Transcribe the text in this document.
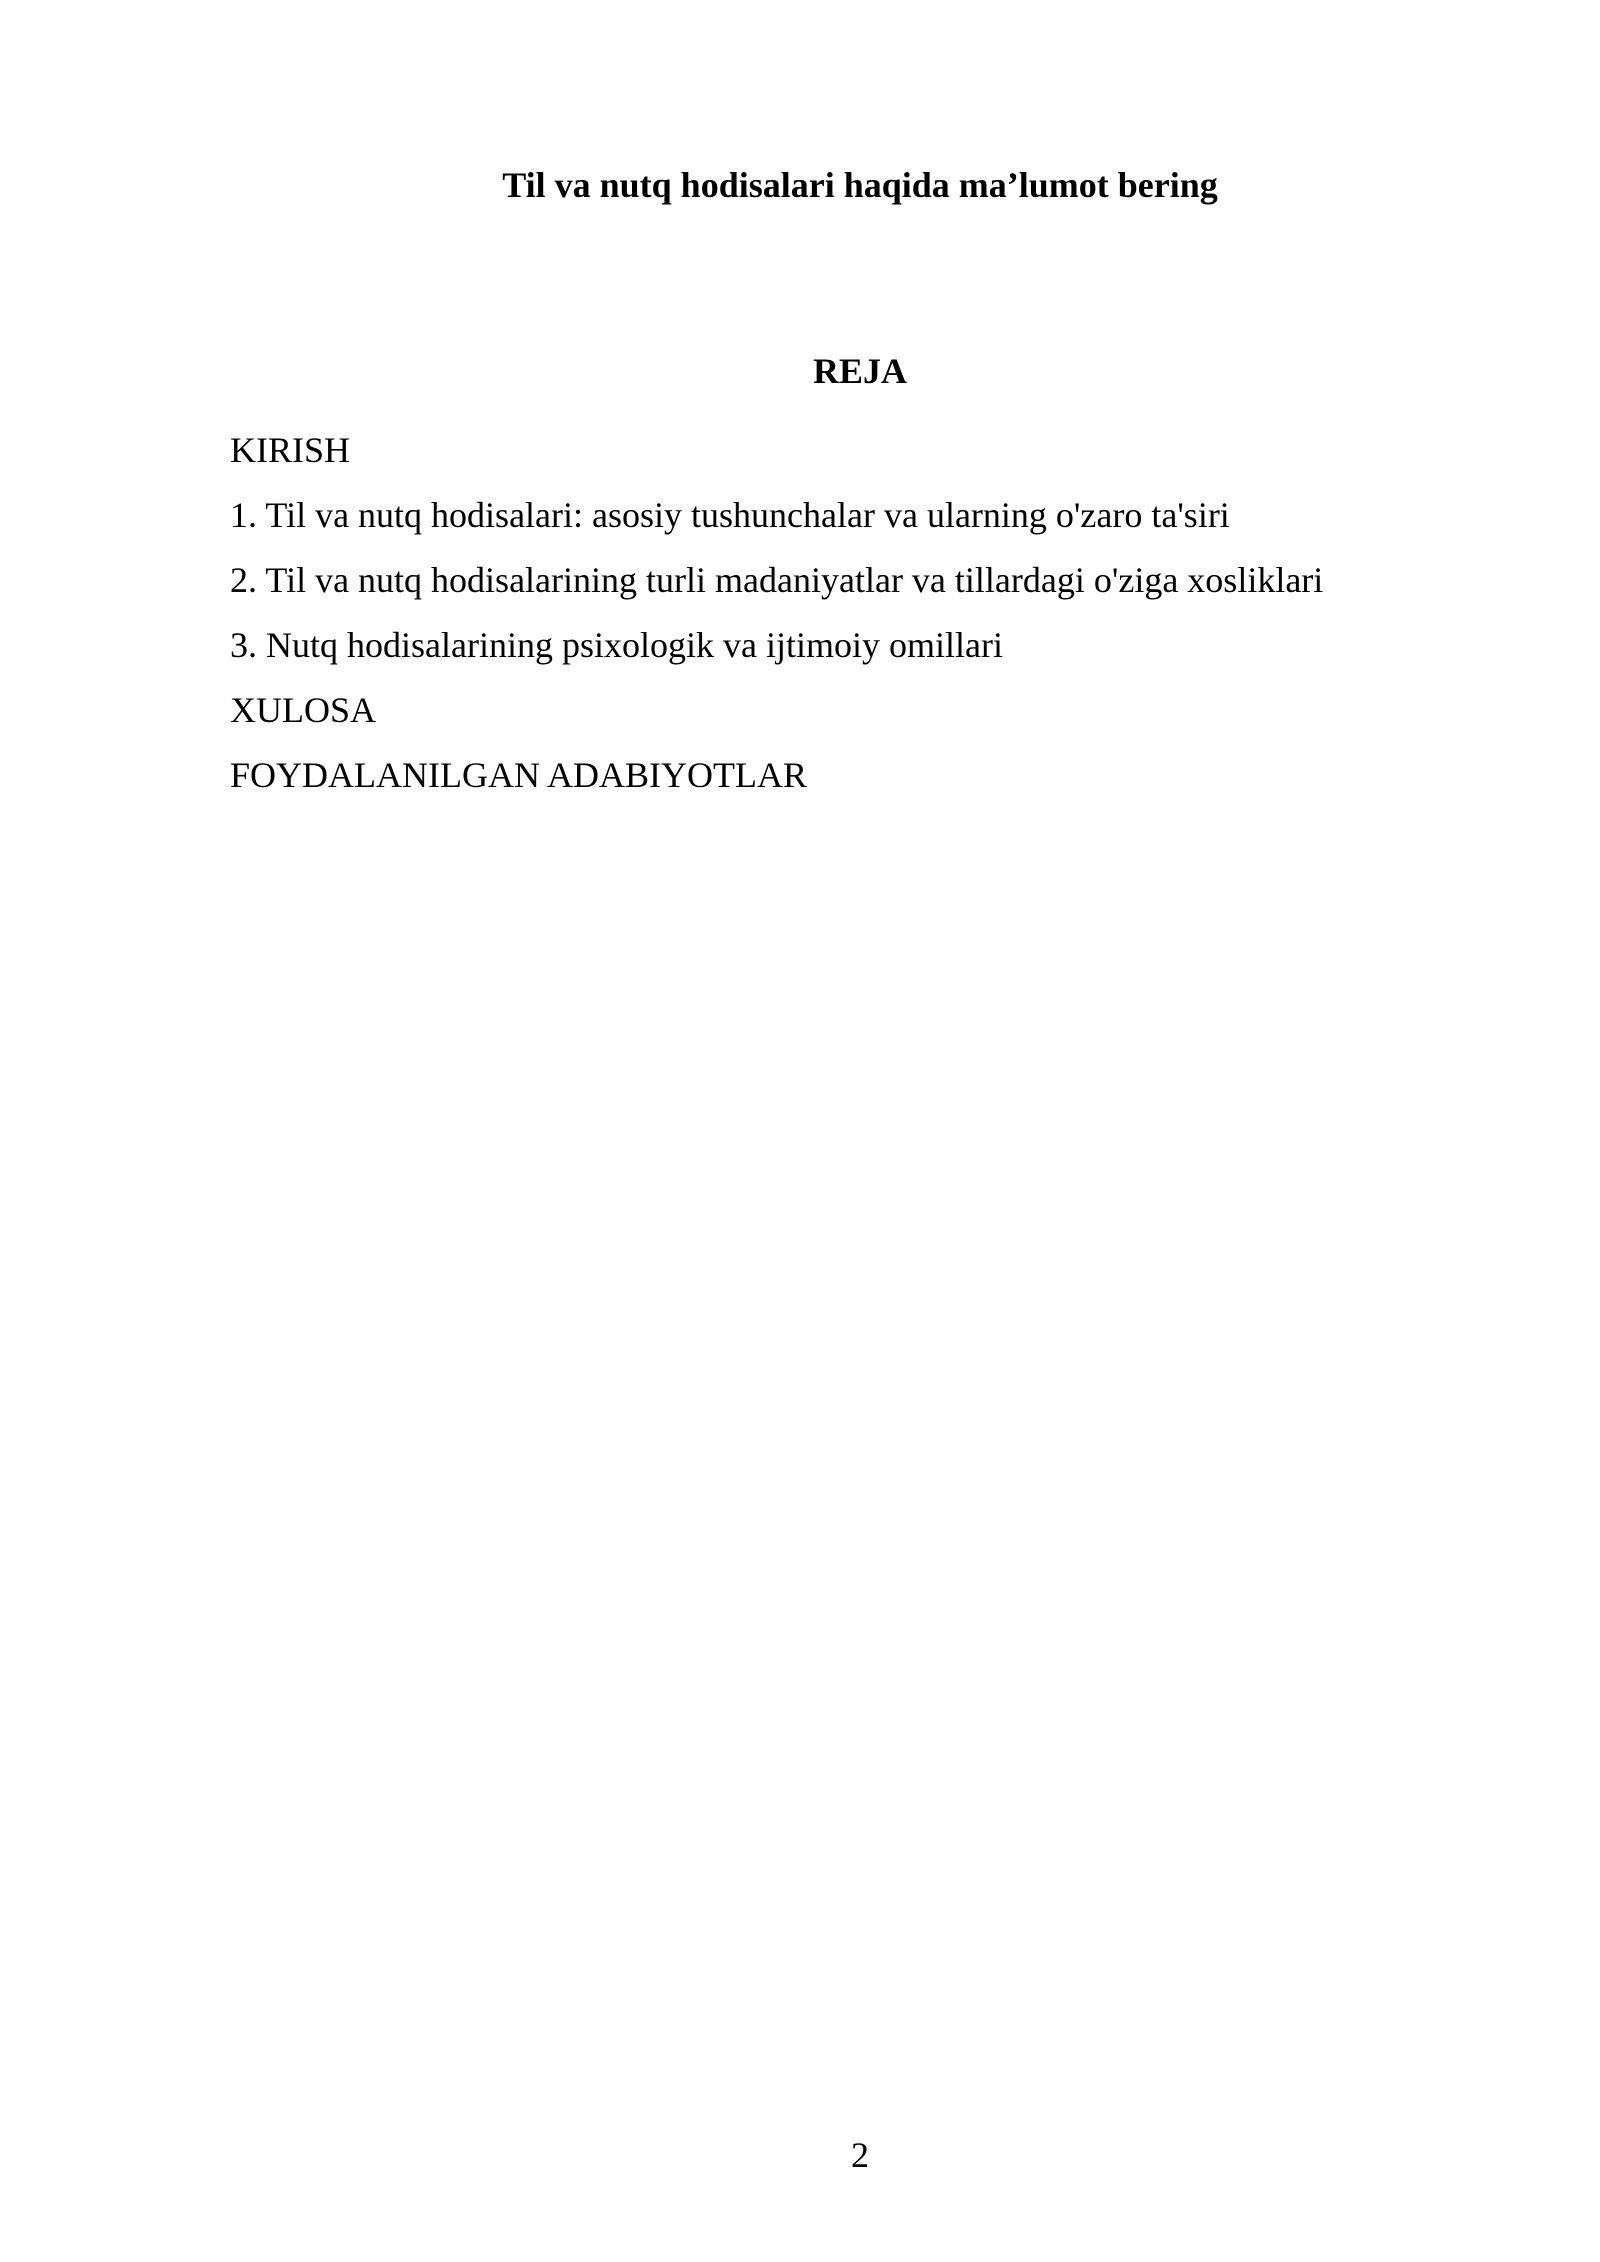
Til va nutq hodisalari haqida ma’lumot bering
REJA
KIRISH
1. Til va nutq hodisalari: asosiy tushunchalar va ularning o'zaro ta'siri
2. Til va nutq hodisalarining turli madaniyatlar va tillardagi o'ziga xosliklari
3. Nutq hodisalarining psixologik va ijtimoiy omillari
XULOSA
FOYDALANILGAN ADABIYOTLAR
2
